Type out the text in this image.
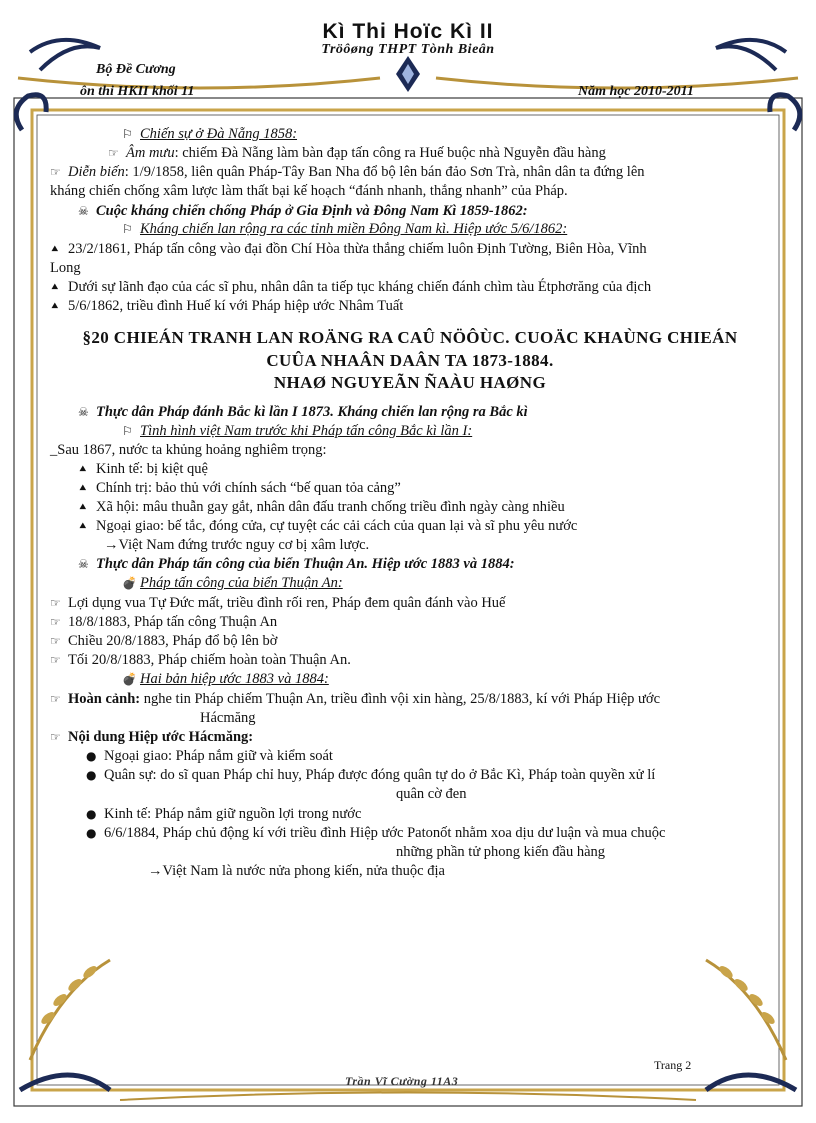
Kì Thi Hoïc Kì II
Tröôøng THPT Tònh Bieân
Bộ Đề Cương
ôn thi HKII khối 11	Năm học 2010-2011
⚐ Chiến sự ở Đà Nẵng 1858:
☞ Âm mưu: chiếm Đà Nẵng làm bàn đạp tấn công ra Huế buộc nhà Nguyễn đầu hàng
☞ Diễn biến: 1/9/1858, liên quân Pháp-Tây Ban Nha đổ bộ lên bán đảo Sơn Trà, nhân dân ta đứng lên
kháng chiến chống xâm lược làm thất bại kế hoạch “đánh nhanh, thắng nhanh” của Pháp.
☠ Cuộc kháng chiến chống Pháp ở Gia Định và Đông Nam Kì 1859-1862:
⚐ Kháng chiến lan rộng ra các tỉnh miền Đông Nam kì. Hiệp ước 5/6/1862:
⯅ 23/2/1861, Pháp tấn công vào đại đồn Chí Hòa thừa thắng chiếm luôn Định Tường, Biên Hòa, Vĩnh
Long
⯅ Dưới sự lãnh đạo của các sĩ phu, nhân dân ta tiếp tục kháng chiến đánh chìm tàu Étphơrăng của địch
⯅ 5/6/1862, triều đình Huế kí với Pháp hiệp ước Nhâm Tuất
§20 CHIEÁN TRANH LAN ROÄNG RA CAÛ NÖÔÙC. CUOÄC KHAÙNG CHIEÁN
CUÛA NHAÂN DAÂN TA 1873-1884.
NHAØ NGUYEÃN ÑAÀU HAØNG
☠ Thực dân Pháp đánh Bắc kì lần I 1873. Kháng chiến lan rộng ra Bắc kì
⚐ Tình hình việt Nam trước khi Pháp tấn công Bắc kì lần I:
_Sau 1867, nước ta khủng hoảng nghiêm trọng:
⯅ Kinh tế: bị kiệt quệ
⯅ Chính trị: bảo thủ với chính sách “bế quan tỏa cảng”
⯅ Xã hội: mâu thuẫn gay gắt, nhân dân đấu tranh chống triều đình ngày càng nhiều
⯅ Ngoại giao: bế tắc, đóng cửa, cự tuyệt các cải cách của quan lại và sĩ phu yêu nước
→Việt Nam đứng trước nguy cơ bị xâm lược.
☠ Thực dân Pháp tấn công của biển Thuận An. Hiệp ước 1883 và 1884:
💣 Pháp tấn công của biển Thuận An:
☞ Lợi dụng vua Tự Đức mất, triều đình rối ren, Pháp đem quân đánh vào Huế
☞ 18/8/1883, Pháp tấn công Thuận An
☞ Chiều 20/8/1883, Pháp đổ bộ lên bờ
☞ Tối 20/8/1883, Pháp chiếm hoàn toàn Thuận An.
💣 Hai bản hiệp ước 1883 và 1884:
☞ Hoàn cảnh: nghe tin Pháp chiếm Thuận An, triều đình vội xin hàng, 25/8/1883, kí với Pháp Hiệp ước
Hácmăng
☞ Nội dung Hiệp ước Hácmăng:
● Ngoại giao: Pháp nắm giữ và kiểm soát
● Quân sự: do sĩ quan Pháp chỉ huy, Pháp được đóng quân tự do ở Bắc Kì, Pháp toàn quyền xử lí
quân cờ đen
● Kinh tế: Pháp nắm giữ nguồn lợi trong nước
● 6/6/1884, Pháp chủ động kí với triều đình Hiệp ước Patonốt nhằm xoa dịu dư luận và mua chuộc
những phần tử phong kiến đầu hàng
→Việt Nam là nước nửa phong kiến, nửa thuộc địa
Trang 2
Trần Vĩ Cường 11A3
